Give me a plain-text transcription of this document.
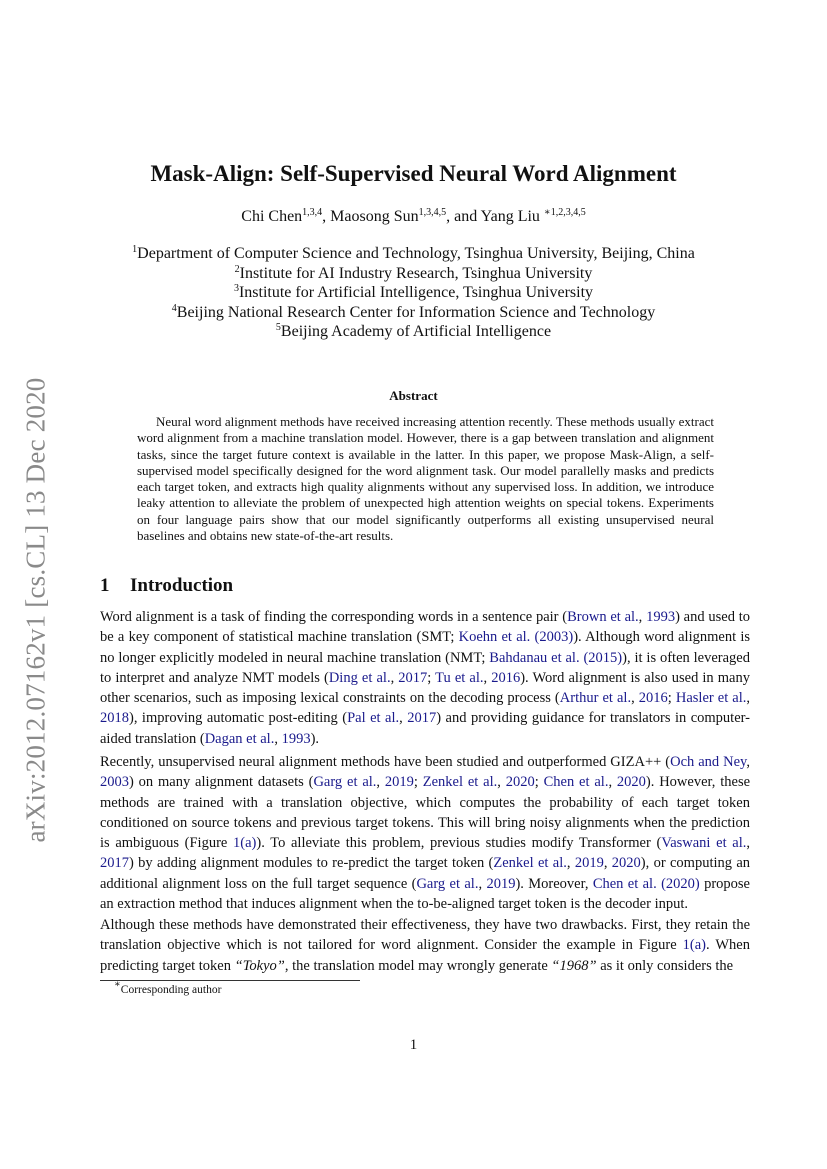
arXiv:2012.07162v1 [cs.CL] 13 Dec 2020
Mask-Align: Self-Supervised Neural Word Alignment
Chi Chen$^{1,3,4}$, Maosong Sun$^{1,3,4,5}$, and Yang Liu $^{∗1,2,3,4,5}$
$^1$Department of Computer Science and Technology, Tsinghua University, Beijing, China
$^2$Institute for AI Industry Research, Tsinghua University
$^3$Institute for Artificial Intelligence, Tsinghua University
$^4$Beijing National Research Center for Information Science and Technology
$^5$Beijing Academy of Artificial Intelligence
Abstract

Neural word alignment methods have received increasing attention recently. These methods usually extract word alignment from a machine translation model. However, there is a gap between translation and alignment tasks, since the target future context is available in the latter. In this paper, we propose Mask-Align, a self-supervised model specifically designed for the word alignment task. Our model parallelly masks and predicts each target token, and extracts high quality alignments without any supervised loss. In addition, we introduce leaky attention to alleviate the problem of unexpected high attention weights on special tokens. Experiments on four language pairs show that our model significantly outperforms all existing unsupervised neural baselines and obtains new state-of-the-art results.

1 Introduction

Word alignment is a task of finding the corresponding words in a sentence pair (Brown et al., 1993) and used to be a key component of statistical machine translation (SMT; Koehn et al. (2003)). Although word alignment is no longer explicitly modeled in neural machine translation (NMT; Bahdanau et al. (2015)), it is often leveraged to interpret and analyze NMT models (Ding et al., 2017; Tu et al., 2016). Word alignment is also used in many other scenarios, such as imposing lexical constraints on the decoding process (Arthur et al., 2016; Hasler et al., 2018), improving automatic post-editing (Pal et al., 2017) and providing guidance for translators in computer-aided translation (Dagan et al., 1993).

Recently, unsupervised neural alignment methods have been studied and outperformed GIZA++ (Och and Ney, 2003) on many alignment datasets (Garg et al., 2019; Zenkel et al., 2020; Chen et al., 2020). However, these methods are trained with a translation objective, which computes the probability of each target token conditioned on source tokens and previous target tokens. This will bring noisy alignments when the prediction is ambiguous (Figure 1(a)). To alleviate this problem, previous studies modify Transformer (Vaswani et al., 2017) by adding alignment modules to re-predict the target token (Zenkel et al., 2019, 2020), or computing an additional alignment loss on the full target sequence (Garg et al., 2019). Moreover, Chen et al. (2020) propose an extraction method that induces alignment when the to-be-aligned target token is the decoder input.

Although these methods have demonstrated their effectiveness, they have two drawbacks. First, they retain the translation objective which is not tailored for word alignment. Consider the example in Figure 1(a). When predicting target token “Tokyo”, the translation model may wrongly generate “1968” as it only considers the

∗Corresponding author
1
